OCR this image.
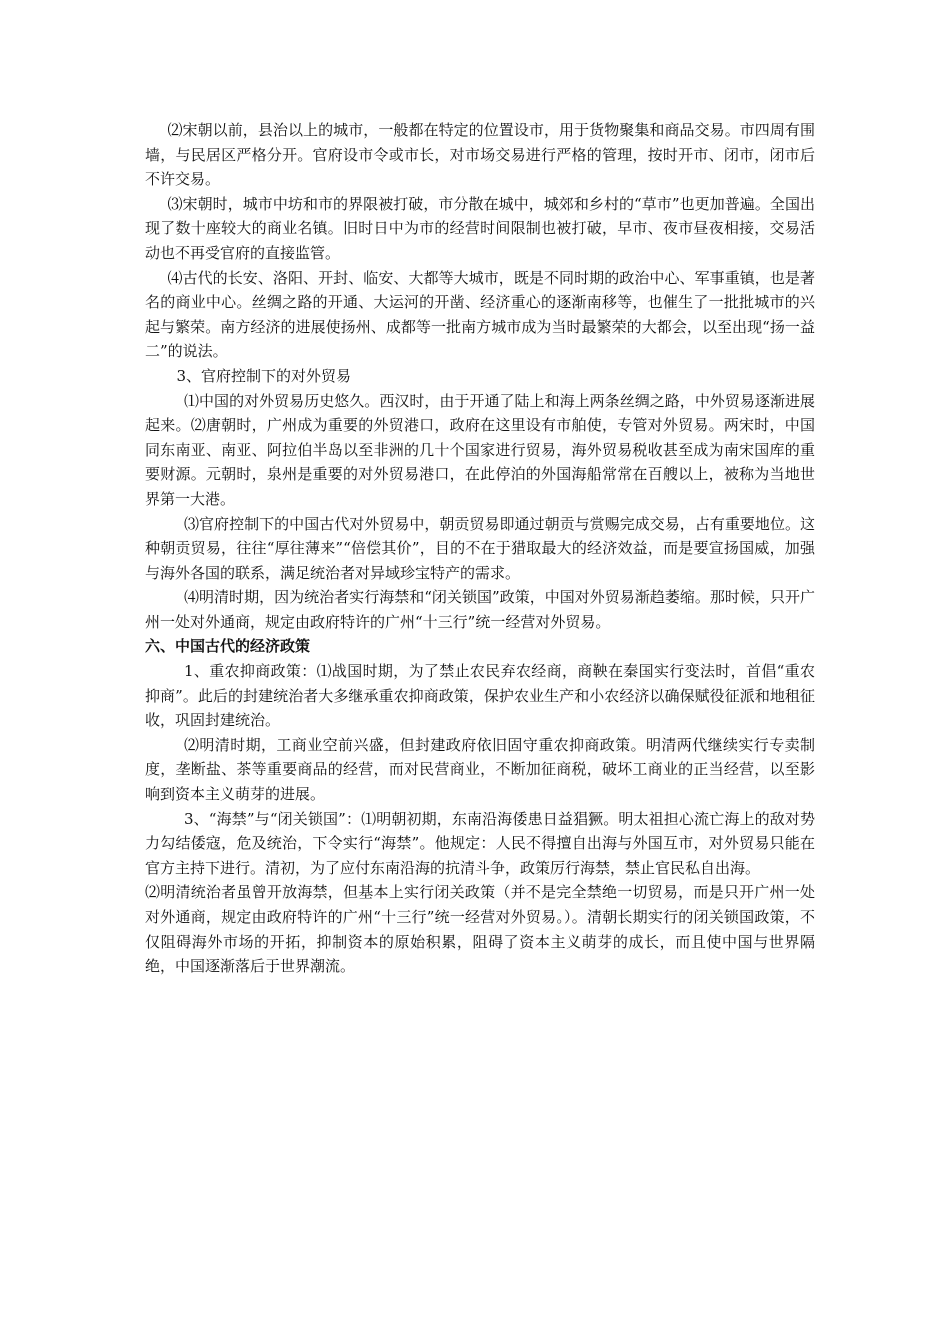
⑵宋朝以前，县治以上的城市，一般都在特定的位置设市，用于货物聚集和商品交易。市四周有围墙，与民居区严格分开。官府设市令或市长，对市场交易进行严格的管理，按时开市、闭市，闭市后不许交易。

⑶宋朝时，城市中坊和市的界限被打破，市分散在城中，城郊和乡村的“草市”也更加普遍。全国出现了数十座较大的商业名镇。旧时日中为市的经营时间限制也被打破，早市、夜市昼夜相接，交易活动也不再受官府的直接监管。

⑷古代的长安、洛阳、开封、临安、大都等大城市，既是不同时期的政治中心、军事重镇，也是著名的商业中心。丝绸之路的开通、大运河的开凿、经济重心的逐渐南移等，也催生了一批批城市的兴起与繁荣。南方经济的进展使扬州、成都等一批南方城市成为当时最繁荣的大都会，以至出现“扬一益二”的说法。

3、官府控制下的对外贸易

⑴中国的对外贸易历史悠久。西汉时，由于开通了陆上和海上两条丝绸之路，中外贸易逐渐进展起来。⑵唐朝时，广州成为重要的外贸港口，政府在这里设有市舶使，专管对外贸易。两宋时，中国同东南亚、南亚、阿拉伯半岛以至非洲的几十个国家进行贸易，海外贸易税收甚至成为南宋国库的重要财源。元朝时，泉州是重要的对外贸易港口，在此停泊的外国海船常常在百艘以上，被称为当地世界第一大港。

⑶官府控制下的中国古代对外贸易中，朝贡贸易即通过朝贡与赏赐完成交易，占有重要地位。这种朝贡贸易，往往“厚往薄来”“倍偿其价”，目的不在于猎取最大的经济效益，而是要宣扬国威，加强与海外各国的联系，满足统治者对异域珍宝特产的需求。

⑷明清时期，因为统治者实行海禁和“闭关锁国”政策，中国对外贸易渐趋萎缩。那时候，只开广州一处对外通商，规定由政府特许的广州“十三行”统一经营对外贸易。

六、中国古代的经济政策

1、重农抑商政策：⑴战国时期，为了禁止农民弃农经商，商鞅在秦国实行变法时，首倡“重农抑商”。此后的封建统治者大多继承重农抑商政策，保护农业生产和小农经济以确保赋役征派和地租征收，巩固封建统治。

⑵明清时期，工商业空前兴盛，但封建政府依旧固守重农抑商政策。明清两代继续实行专卖制度，垄断盐、茶等重要商品的经营，而对民营商业，不断加征商税，破坏工商业的正当经营，以至影响到资本主义萌芽的进展。

3、“海禁”与“闭关锁国”：⑴明朝初期，东南沿海倭患日益猖獗。明太祖担心流亡海上的敌对势力勾结倭寇，危及统治，下令实行“海禁”。他规定：人民不得擅自出海与外国互市，对外贸易只能在官方主持下进行。清初，为了应付东南沿海的抗清斗争，政策厉行海禁，禁止官民私自出海。

⑵明清统治者虽曾开放海禁，但基本上实行闭关政策（并不是完全禁绝一切贸易，而是只开广州一处对外通商，规定由政府特许的广州“十三行”统一经营对外贸易。）。清朝长期实行的闭关锁国政策，不仅阻碍海外市场的开拓，抑制资本的原始积累，阻碍了资本主义萌芽的成长，而且使中国与世界隔绝，中国逐渐落后于世界潮流。
